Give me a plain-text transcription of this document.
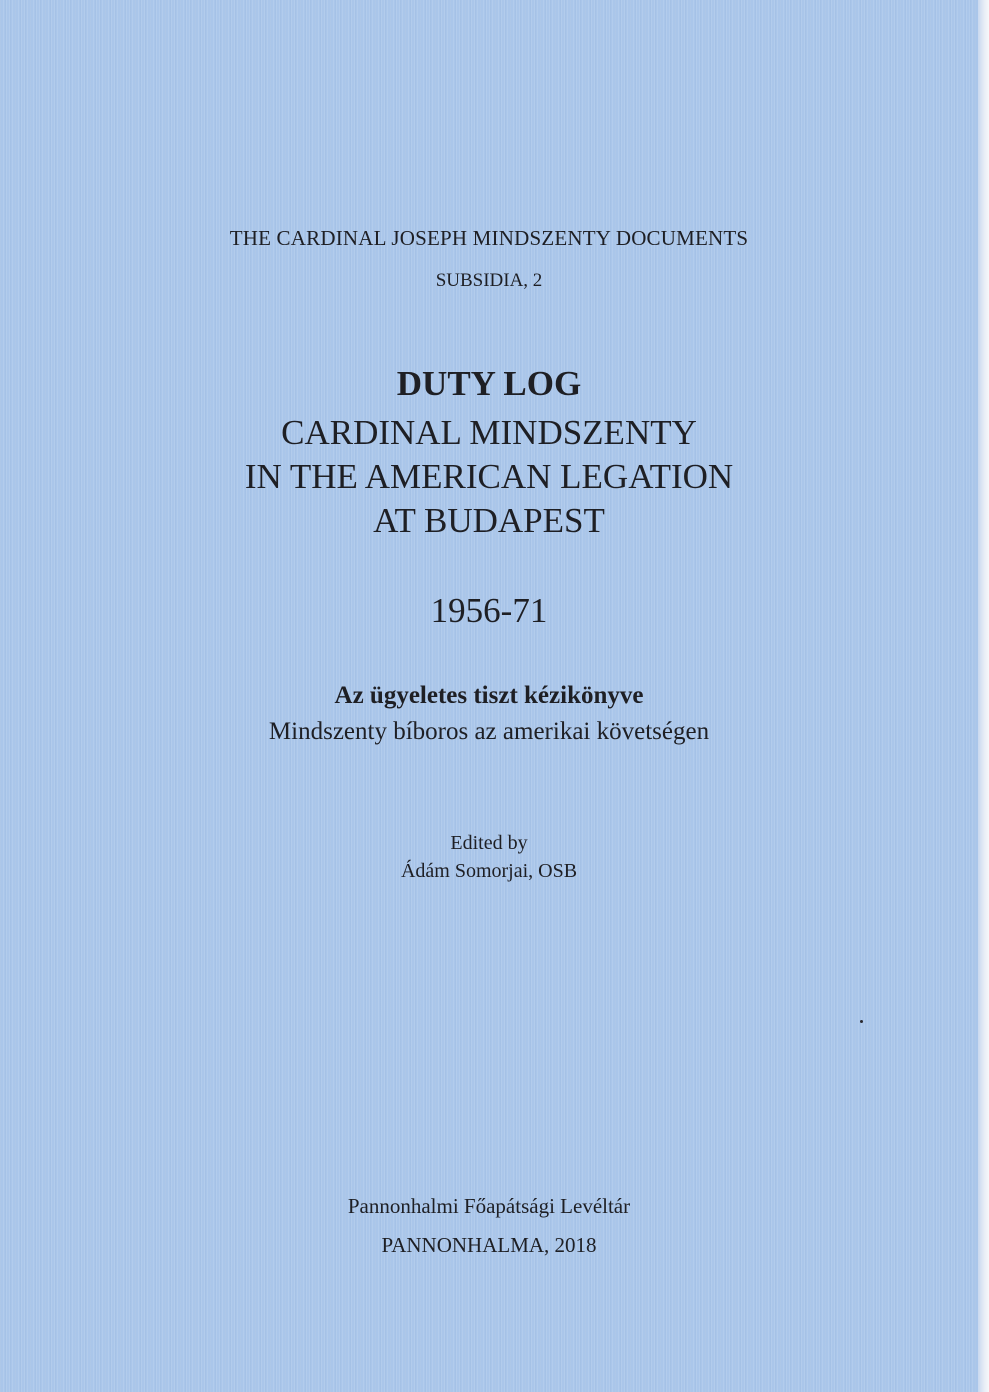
THE CARDINAL JOSEPH MINDSZENTY DOCUMENTS
SUBSIDIA, 2
DUTY LOG
CARDINAL MINDSZENTY
IN THE AMERICAN LEGATION
AT BUDAPEST
1956-71
Az ügyeletes tiszt kézikönyve
Mindszenty bíboros az amerikai követségen
Edited by
Ádám Somorjai, OSB
Pannonhalmi Főapátsági Levéltár
PANNONHALMA, 2018
